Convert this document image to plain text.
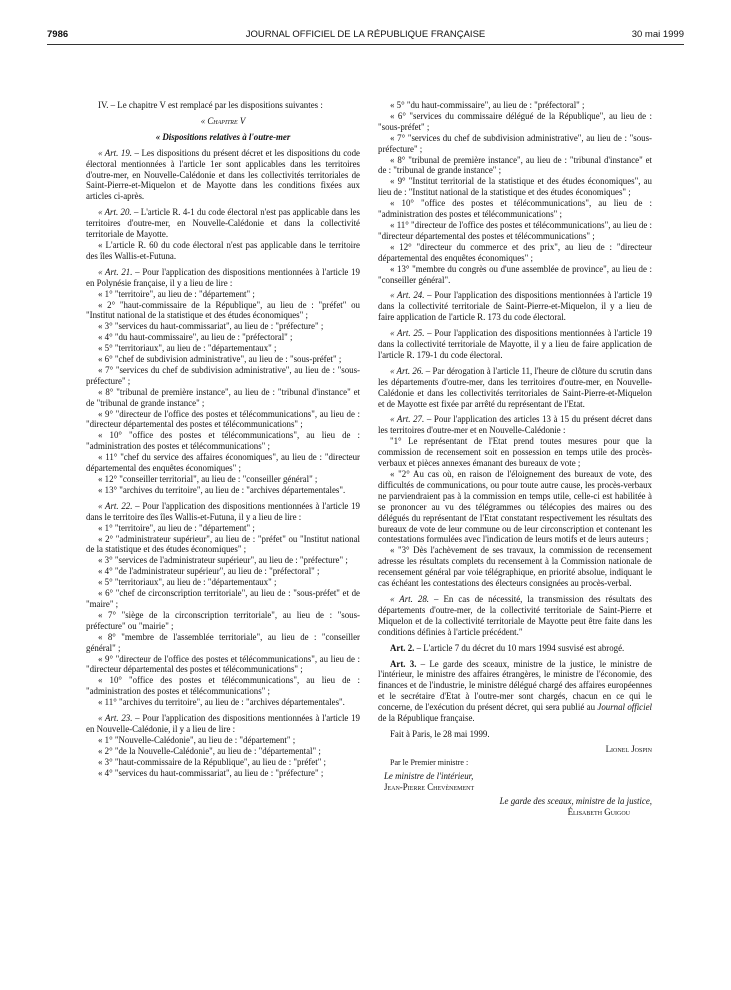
7986	JOURNAL OFFICIEL DE LA RÉPUBLIQUE FRANÇAISE	30 mai 1999

IV. – Le chapitre V est remplacé par les dispositions suivantes :

« Chapitre V

« Dispositions relatives à l'outre-mer

« Art. 19. – Les dispositions du présent décret et les dispositions du code électoral mentionnées à l'article 1er sont applicables dans les territoires d'outre-mer, en Nouvelle-Calédonie et dans les collectivités territoriales de Saint-Pierre-et-Miquelon et de Mayotte dans les conditions fixées aux articles ci-après.

« Art. 20. – L'article R. 4-1 du code électoral n'est pas applicable dans les territoires d'outre-mer, en Nouvelle-Calédonie et dans la collectivité territoriale de Mayotte.

« L'article R. 60 du code électoral n'est pas applicable dans le territoire des îles Wallis-et-Futuna.

« Art. 21. – Pour l'application des dispositions mentionnées à l'article 19 en Polynésie française, il y a lieu de lire :

« 1° "territoire", au lieu de : "département" ;

« 2° "haut-commissaire de la République", au lieu de : "préfet" ou "Institut national de la statistique et des études économiques" ;

« 3° "services du haut-commissariat", au lieu de : "préfecture" ;

« 4° "du haut-commissaire", au lieu de : "préfectoral" ;

« 5° "territoriaux", au lieu de : "départementaux" ;

« 6° "chef de subdivision administrative", au lieu de : "sous-préfet" ;

« 7° "services du chef de subdivision administrative", au lieu de : "sous-préfecture" ;

« 8° "tribunal de première instance", au lieu de : "tribunal d'instance" et de "tribunal de grande instance" ;

« 9° "directeur de l'office des postes et télécommunications", au lieu de : "directeur départemental des postes et télécommunications" ;

« 10° "office des postes et télécommunications", au lieu de : "administration des postes et télécommunications" ;

« 11° "chef du service des affaires économiques", au lieu de : "directeur départemental des enquêtes économiques" ;

« 12° "conseiller territorial", au lieu de : "conseiller général" ;

« 13° "archives du territoire", au lieu de : "archives départementales".

« Art. 22. – Pour l'application des dispositions mentionnées à l'article 19 dans le territoire des îles Wallis-et-Futuna, il y a lieu de lire :

« 1° "territoire", au lieu de : "département" ;

« 2° "administrateur supérieur", au lieu de : "préfet" ou "Institut national de la statistique et des études économiques" ;

« 3° "services de l'administrateur supérieur", au lieu de : "préfecture" ;

« 4° "de l'administrateur supérieur", au lieu de : "préfectoral" ;

« 5° "territoriaux", au lieu de : "départementaux" ;

« 6° "chef de circonscription territoriale", au lieu de : "sous-préfet" et de "maire" ;

« 7° "siège de la circonscription territoriale", au lieu de : "sous-préfecture" ou "mairie" ;

« 8° "membre de l'assemblée territoriale", au lieu de : "conseiller général" ;

« 9° "directeur de l'office des postes et télécommunications", au lieu de : "directeur départemental des postes et télécommunications" ;

« 10° "office des postes et télécommunications", au lieu de : "administration des postes et télécommunications" ;

« 11° "archives du territoire", au lieu de : "archives départementales".

« Art. 23. – Pour l'application des dispositions mentionnées à l'article 19 en Nouvelle-Calédonie, il y a lieu de lire :

« 1° "Nouvelle-Calédonie", au lieu de : "département" ;

« 2° "de la Nouvelle-Calédonie", au lieu de : "départemental" ;

« 3° "haut-commissaire de la République", au lieu de : "préfet" ;

« 4° "services du haut-commissariat", au lieu de : "préfecture" ;

« 5° "du haut-commissaire", au lieu de : "préfectoral" ;

« 6° "services du commissaire délégué de la République", au lieu de : "sous-préfet" ;

« 7° "services du chef de subdivision administrative", au lieu de : "sous-préfecture" ;

« 8° "tribunal de première instance", au lieu de : "tribunal d'instance" et de : "tribunal de grande instance" ;

« 9° "Institut territorial de la statistique et des études économiques", au lieu de : "Institut national de la statistique et des études économiques" ;

« 10° "office des postes et télécommunications", au lieu de : "administration des postes et télécommunications" ;

« 11° "directeur de l'office des postes et télécommunications", au lieu de : "directeur départemental des postes et télécommunications" ;

« 12° "directeur du commerce et des prix", au lieu de : "directeur départemental des enquêtes économiques" ;

« 13° "membre du congrès ou d'une assemblée de province", au lieu de : "conseiller général".

« Art. 24. – Pour l'application des dispositions mentionnées à l'article 19 dans la collectivité territoriale de Saint-Pierre-et-Miquelon, il y a lieu de faire application de l'article R. 173 du code électoral.

« Art. 25. – Pour l'application des dispositions mentionnées à l'article 19 dans la collectivité territoriale de Mayotte, il y a lieu de faire application de l'article R. 179-1 du code électoral.

« Art. 26. – Par dérogation à l'article 11, l'heure de clôture du scrutin dans les départements d'outre-mer, dans les territoires d'outre-mer, en Nouvelle-Calédonie et dans les collectivités territoriales de Saint-Pierre-et-Miquelon et de Mayotte est fixée par arrêté du représentant de l'Etat.

« Art. 27. – Pour l'application des articles 13 à 15 du présent décret dans les territoires d'outre-mer et en Nouvelle-Calédonie :

"1° Le représentant de l'Etat prend toutes mesures pour que la commission de recensement soit en possession en temps utile des procès-verbaux et pièces annexes émanant des bureaux de vote ;

« "2° Au cas où, en raison de l'éloignement des bureaux de vote, des difficultés de communications, ou pour toute autre cause, les procès-verbaux ne parviendraient pas à la commission en temps utile, celle-ci est habilitée à se prononcer au vu des télégrammes ou télécopies des maires ou des délégués du représentant de l'Etat constatant respectivement les résultats des bureaux de vote de leur commune ou de leur circonscription et contenant les contestations formulées avec l'indication de leurs motifs et de leurs auteurs ;

« "3° Dès l'achèvement de ses travaux, la commission de recensement adresse les résultats complets du recensement à la Commission nationale de recensement général par voie télégraphique, en priorité absolue, indiquant le cas échéant les contestations des électeurs consignées au procès-verbal.

« Art. 28. – En cas de nécessité, la transmission des résultats des départements d'outre-mer, de la collectivité territoriale de Saint-Pierre et Miquelon et de la collectivité territoriale de Mayotte peut être faite dans les conditions définies à l'article précédent."

Art. 2. – L'article 7 du décret du 10 mars 1994 susvisé est abrogé.

Art. 3. – Le garde des sceaux, ministre de la justice, le ministre de l'intérieur, le ministre des affaires étrangères, le ministre de l'économie, des finances et de l'industrie, le ministre délégué chargé des affaires européennes et le secrétaire d'Etat à l'outre-mer sont chargés, chacun en ce qui le concerne, de l'exécution du présent décret, qui sera publié au Journal officiel de la République française.

Fait à Paris, le 28 mai 1999.

Lionel Jospin

Par le Premier ministre :

Le ministre de l'intérieur,

Jean-Pierre Chevènement

Le garde des sceaux, ministre de la justice,

Élisabeth Guigou
